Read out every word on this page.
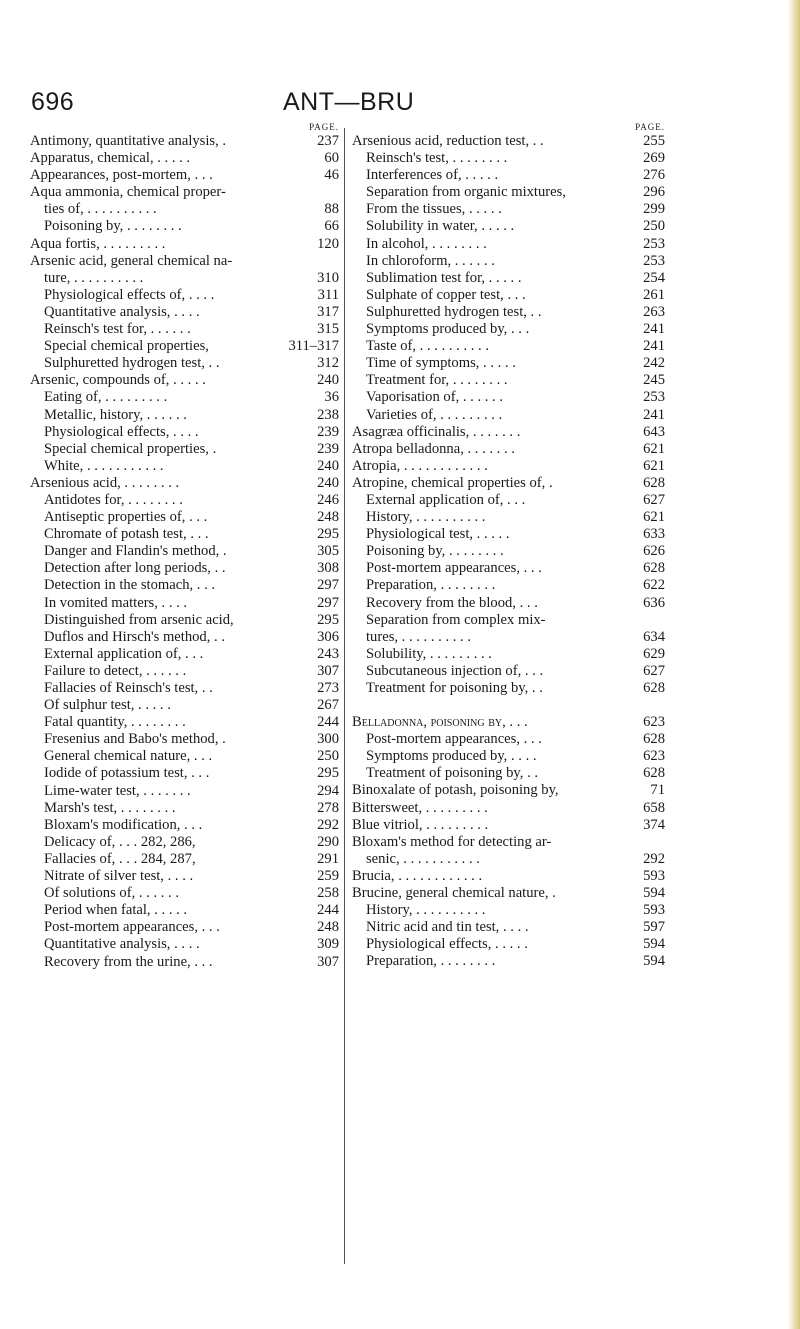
696	ANT—BRU
PAGE.
Antimony, quantitative analysis, .	237
Apparatus, chemical, . . . . .	60
Appearances, post-mortem, . . .	46
Aqua ammonia, chemical proper-
ties of, . . . . . . . . . .	88
Poisoning by, . . . . . . . .	66
Aqua fortis, . . . . . . . . .	120
Arsenic acid, general chemical na-
ture, . . . . . . . . . .	310
Physiological effects of, . . . .	311
Quantitative analysis, . . . .	317
Reinsch's test for, . . . . . .	315
Special chemical properties,	311–317
Sulphuretted hydrogen test, . .	312
Arsenic, compounds of, . . . . .	240
Eating of, . . . . . . . . .	36
Metallic, history, . . . . . .	238
Physiological effects, . . . .	239
Special chemical properties, .	239
White, . . . . . . . . . . .	240
Arsenious acid, . . . . . . . .	240
Antidotes for, . . . . . . . .	246
Antiseptic properties of, . . .	248
Chromate of potash test, . . .	295
Danger and Flandin's method, .	305
Detection after long periods, . .	308
Detection in the stomach, . . .	297
In vomited matters, . . . .	297
Distinguished from arsenic acid,	295
Duflos and Hirsch's method, . .	306
External application of, . . .	243
Failure to detect, . . . . . .	307
Fallacies of Reinsch's test, . .	273
Of sulphur test, . . . . .	267
Fatal quantity, . . . . . . . .	244
Fresenius and Babo's method, .	300
General chemical nature, . . .	250
Iodide of potassium test, . . .	295
Lime-water test, . . . . . . .	294
Marsh's test, . . . . . . . .	278
Bloxam's modification, . . .	292
Delicacy of, . . . 282, 286,	290
Fallacies of, . . . 284, 287,	291
Nitrate of silver test, . . . .	259
Of solutions of, . . . . . .	258
Period when fatal, . . . . .	244
Post-mortem appearances, . . .	248
Quantitative analysis, . . . .	309
Recovery from the urine, . . .	307
PAGE.
Arsenious acid, reduction test, . .	255
Reinsch's test, . . . . . . . .	269
Interferences of, . . . . .	276
Separation from organic mixtures,	296
From the tissues, . . . . .	299
Solubility in water, . . . . .	250
In alcohol, . . . . . . . .	253
In chloroform, . . . . . .	253
Sublimation test for, . . . . .	254
Sulphate of copper test, . . .	261
Sulphuretted hydrogen test, . .	263
Symptoms produced by, . . .	241
Taste of, . . . . . . . . . .	241
Time of symptoms, . . . . .	242
Treatment for, . . . . . . . .	245
Vaporisation of, . . . . . .	253
Varieties of, . . . . . . . . .	241
Asagræa officinalis, . . . . . . .	643
Atropa belladonna, . . . . . . .	621
Atropia, . . . . . . . . . . . .	621
Atropine, chemical properties of, .	628
External application of, . . .	627
History, . . . . . . . . . .	621
Physiological test, . . . . .	633
Poisoning by, . . . . . . . .	626
Post-mortem appearances, . . .	628
Preparation, . . . . . . . .	622
Recovery from the blood, . . .	636
Separation from complex mix-
tures, . . . . . . . . . .	634
Solubility, . . . . . . . . .	629
Subcutaneous injection of, . . .	627
Treatment for poisoning by, . .	628
Belladonna, poisoning by, . . .	623
Post-mortem appearances, . . .	628
Symptoms produced by, . . . .	623
Treatment of poisoning by, . .	628
Binoxalate of potash, poisoning by,	71
Bittersweet, . . . . . . . . .	658
Blue vitriol, . . . . . . . . .	374
Bloxam's method for detecting ar-
senic, . . . . . . . . . . .	292
Brucia, . . . . . . . . . . . .	593
Brucine, general chemical nature, .	594
History, . . . . . . . . . .	593
Nitric acid and tin test, . . . .	597
Physiological effects, . . . . .	594
Preparation, . . . . . . . .	594
